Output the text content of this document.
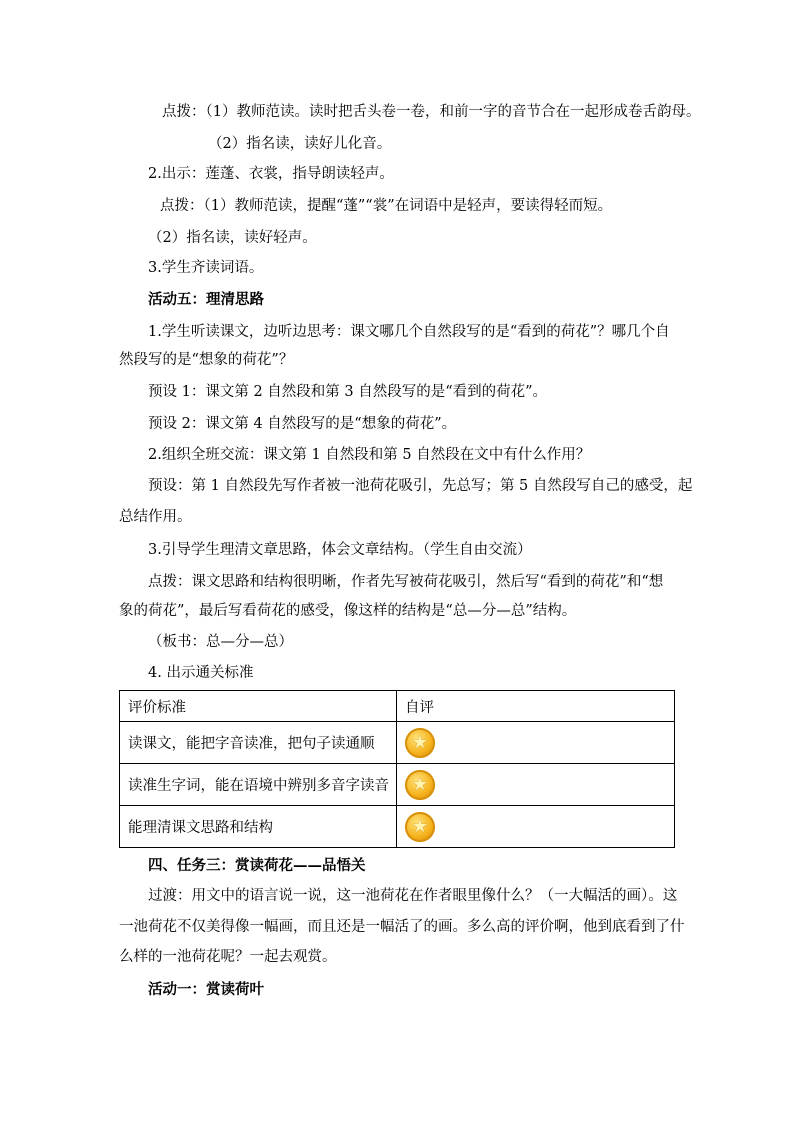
点拨：（1）教师范读。读时把舌头卷一卷，和前一字的音节合在一起形成卷舌韵母。

（2）指名读，读好儿化音。

2.出示：莲蓬、衣裳，指导朗读轻声。

点拨：（1）教师范读，提醒“蓬”“裳”在词语中是轻声，要读得轻而短。

（2）指名读，读好轻声。

3.学生齐读词语。

活动五：理清思路

1.学生听读课文，边听边思考：课文哪几个自然段写的是“看到的荷花”？哪几个自

然段写的是“想象的荷花”？

预设 1：课文第 2 自然段和第 3 自然段写的是“看到的荷花”。

预设 2：课文第 4 自然段写的是“想象的荷花”。

2.组织全班交流：课文第 1 自然段和第 5 自然段在文中有什么作用？

预设：第 1 自然段先写作者被一池荷花吸引，先总写；第 5 自然段写自己的感受，起

总结作用。

3.引导学生理清文章思路，体会文章结构。（学生自由交流）

点拨：课文思路和结构很明晰，作者先写被荷花吸引，然后写“看到的荷花”和“想

象的荷花”，最后写看荷花的感受，像这样的结构是“总—分—总”结构。

（板书：总—分—总）

4. 出示通关标准

评价标准	自评
读课文，能把字音读准，把句子读通顺	★
读准生字词，能在语境中辨别多音字读音	★
能理清课文思路和结构	★

四、任务三：赏读荷花——品悟关

过渡：用文中的语言说一说，这一池荷花在作者眼里像什么？（一大幅活的画）。这

一池荷花不仅美得像一幅画，而且还是一幅活了的画。多么高的评价啊，他到底看到了什

么样的一池荷花呢？一起去观赏。

活动一：赏读荷叶
